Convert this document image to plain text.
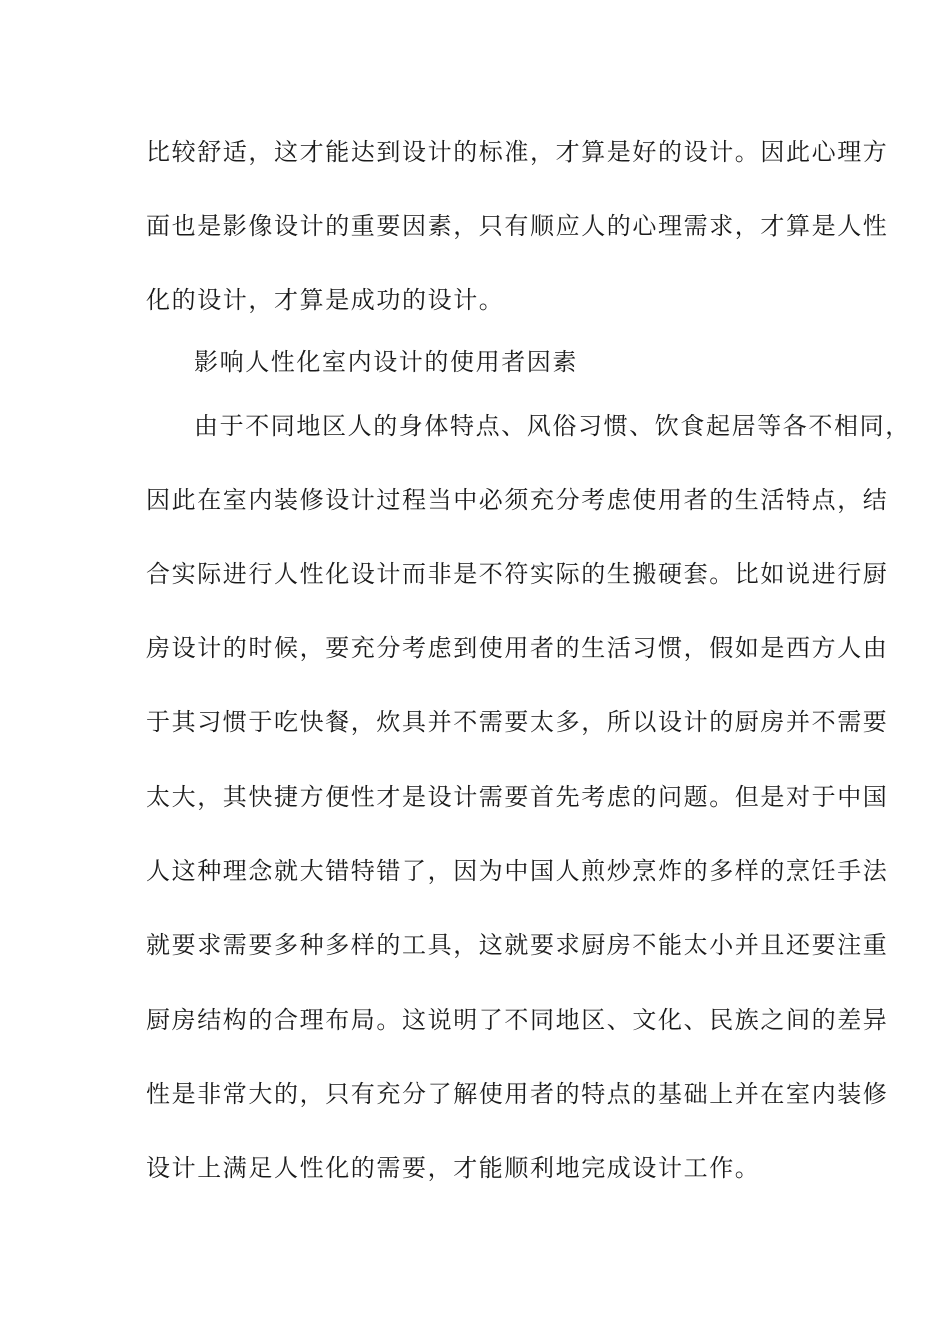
比较舒适，这才能达到设计的标准，才算是好的设计。因此心理方

面也是影像设计的重要因素，只有顺应人的心理需求，才算是人性

化的设计，才算是成功的设计。

影响人性化室内设计的使用者因素

由于不同地区人的身体特点、风俗习惯、饮食起居等各不相同，

因此在室内装修设计过程当中必须充分考虑使用者的生活特点，结

合实际进行人性化设计而非是不符实际的生搬硬套。比如说进行厨

房设计的时候，要充分考虑到使用者的生活习惯，假如是西方人由

于其习惯于吃快餐，炊具并不需要太多，所以设计的厨房并不需要

太大，其快捷方便性才是设计需要首先考虑的问题。但是对于中国

人这种理念就大错特错了，因为中国人煎炒烹炸的多样的烹饪手法

就要求需要多种多样的工具，这就要求厨房不能太小并且还要注重

厨房结构的合理布局。这说明了不同地区、文化、民族之间的差异

性是非常大的，只有充分了解使用者的特点的基础上并在室内装修

设计上满足人性化的需要，才能顺利地完成设计工作。
